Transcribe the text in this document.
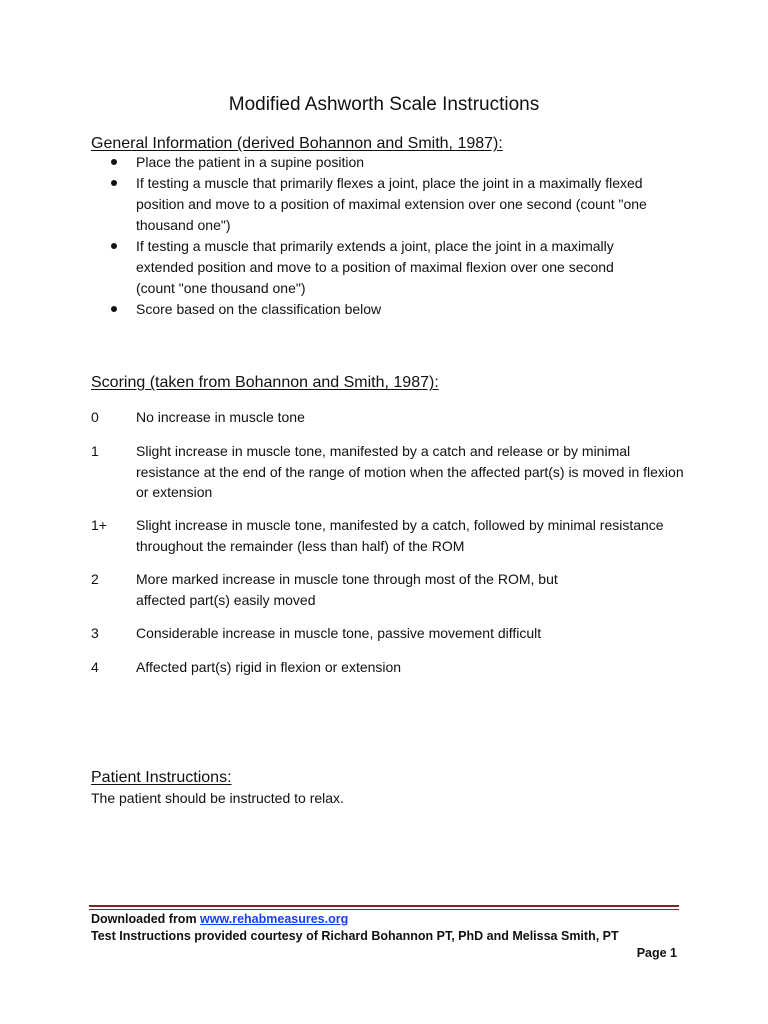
Modified Ashworth Scale Instructions
General Information (derived Bohannon and Smith, 1987):
Place the patient in a supine position
If testing a muscle that primarily flexes a joint, place the joint in a maximally flexed position and move to a position of maximal extension over one second (count "one thousand one")
If testing a muscle that primarily extends a joint, place the joint in a maximally extended position and move to a position of maximal flexion over one second (count "one thousand one")
Score based on the classification below
Scoring (taken from Bohannon and Smith, 1987):
0	No increase in muscle tone
1	Slight increase in muscle tone, manifested by a catch and release or by minimal resistance at the end of the range of motion when the affected part(s) is moved in flexion or extension
1+	Slight increase in muscle tone, manifested by a catch, followed by minimal resistance throughout the remainder (less than half) of the ROM
2	More marked increase in muscle tone through most of the ROM, but affected part(s) easily moved
3	Considerable increase in muscle tone, passive movement difficult
4	Affected part(s) rigid in flexion or extension
Patient Instructions:
The patient should be instructed to relax.
Downloaded from www.rehabmeasures.org
Test Instructions provided courtesy of Richard Bohannon PT, PhD and Melissa Smith, PT
Page 1
